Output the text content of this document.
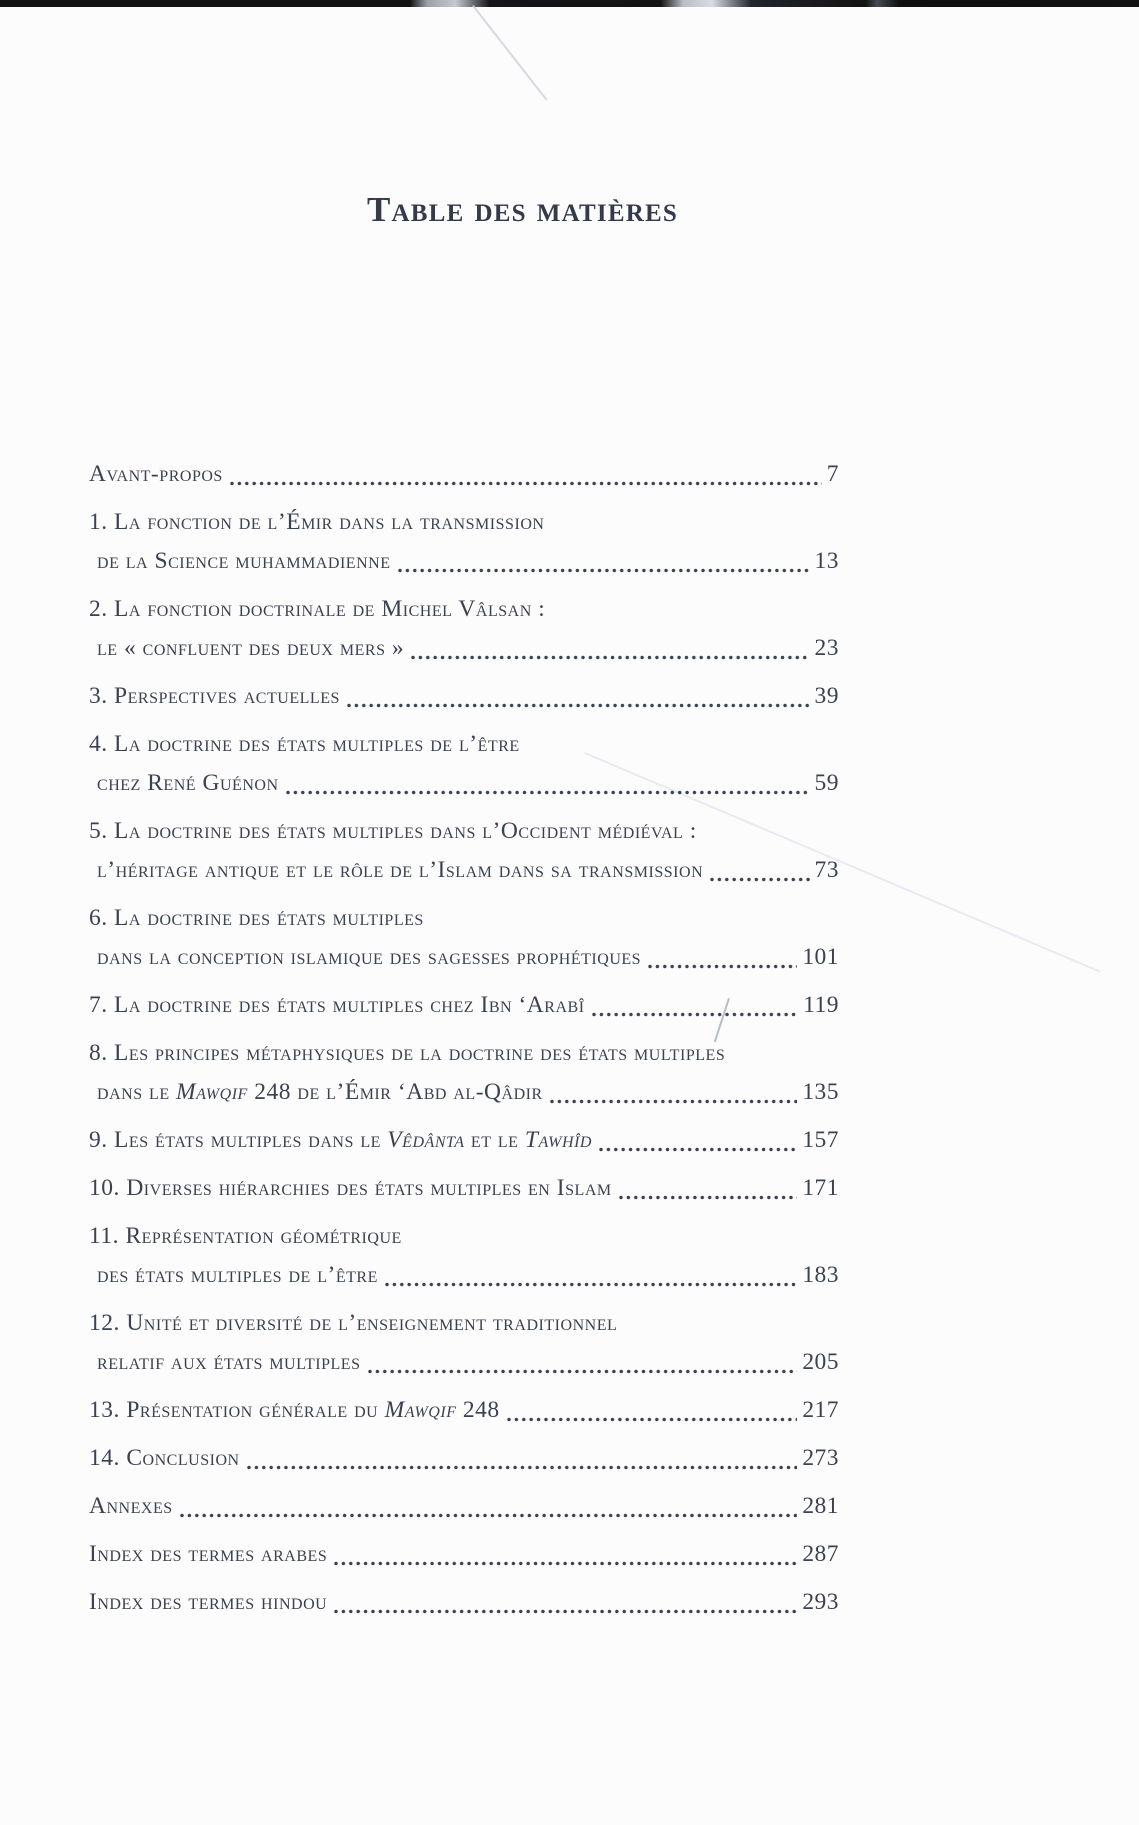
Table des matières
Avant-propos	7
1. La fonction de l’Émir dans la transmission
de la Science muhammadienne	13
2. La fonction doctrinale de Michel Vâlsan :
le « confluent des deux mers »	23
3. Perspectives actuelles	39
4. La doctrine des états multiples de l’être
chez René Guénon	59
5. La doctrine des états multiples dans l’Occident médiéval :
l’héritage antique et le rôle de l’Islam dans sa transmission	73
6. La doctrine des états multiples
dans la conception islamique des sagesses prophétiques	101
7. La doctrine des états multiples chez Ibn ‘Arabî	119
8. Les principes métaphysiques de la doctrine des états multiples
dans le Mawqif 248 de l’Émir ‘Abd al-Qâdir	135
9. Les états multiples dans le Vêdânta et le Tawhîd	157
10. Diverses hiérarchies des états multiples en Islam	171
11. Représentation géométrique
des états multiples de l’être	183
12. Unité et diversité de l’enseignement traditionnel
relatif aux états multiples	205
13. Présentation générale du Mawqif 248	217
14. Conclusion	273
Annexes	281
Index des termes arabes	287
Index des termes hindou	293
